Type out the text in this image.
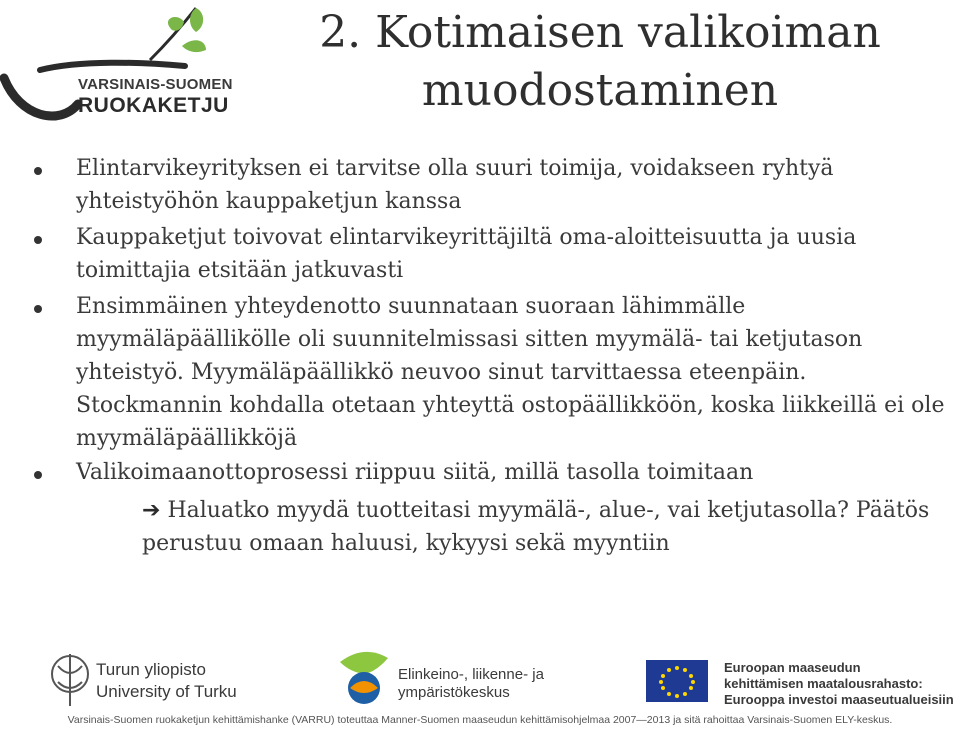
VARSINAIS-SUOMEN
RUOKAKETJU
2. Kotimaisen valikoiman muodostaminen
Elintarvikeyrityksen ei tarvitse olla suuri toimija, voidakseen ryhtyä yhteistyöhön kauppaketjun kanssa
Kauppaketjut toivovat elintarvikeyrittäjiltä oma-aloitteisuutta ja uusia toimittajia etsitään jatkuvasti
Ensimmäinen yhteydenotto suunnataan suoraan lähimmälle myymäläpäällikölle oli suunnitelmissasi sitten myymälä- tai ketjutason yhteistyö. Myymäläpäällikkö neuvoo sinut tarvittaessa eteenpäin. Stockmannin kohdalla otetaan yhteyttä ostopäällikköön, koska liikkeillä ei ole myymäläpäällikköjä
Valikoimaanottoprosessi riippuu siitä, millä tasolla toimitaan
➔ Haluatko myydä tuotteitasi myymälä-, alue-, vai ketjutasolla? Päätös perustuu omaan haluusi, kykyysi sekä myyntiin
Turun yliopisto
University of Turku
Elinkeino-, liikenne- ja
ympäristökeskus
Euroopan maaseudun
kehittämisen maatalousrahasto:
Eurooppa investoi maaseutualueisiin
Varsinais-Suomen ruokaketjun kehittämishanke (VARRU) toteuttaa Manner-Suomen maaseudun kehittämisohjelmaa 2007—2013 ja sitä rahoittaa Varsinais-Suomen ELY-keskus.
